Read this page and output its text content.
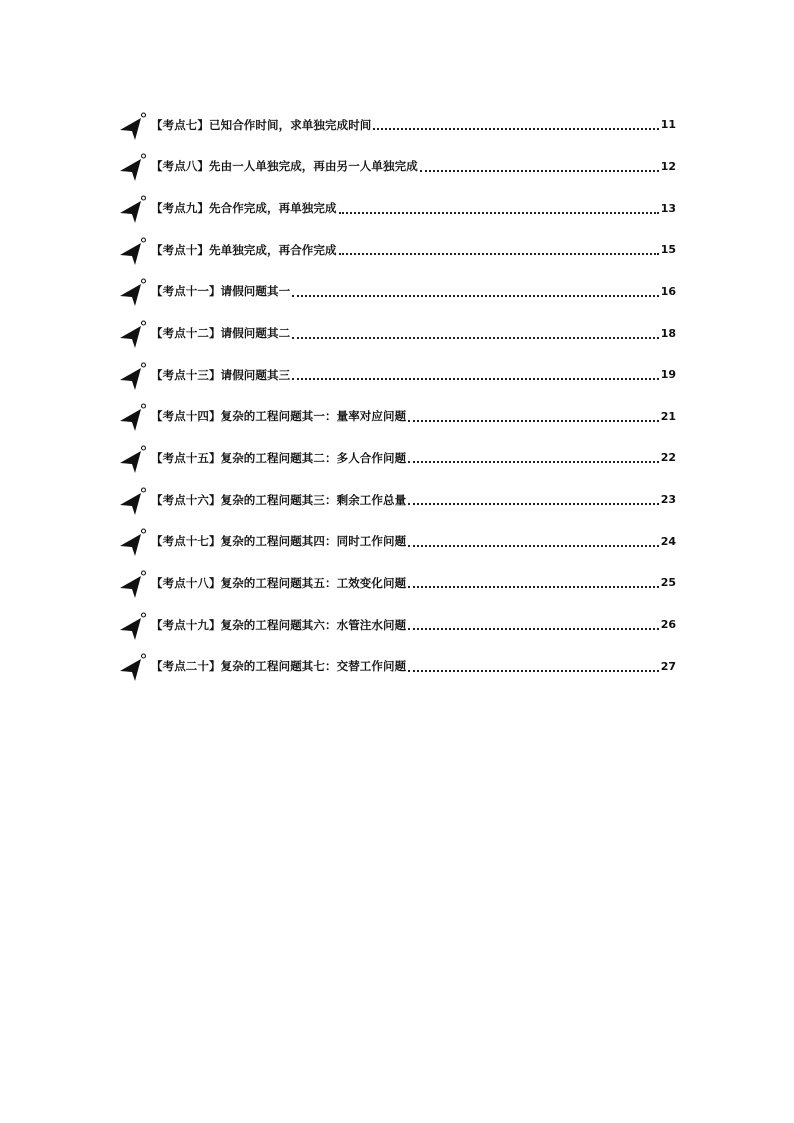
【考点七】已知合作时间，求单独完成时间	11
【考点八】先由一人单独完成，再由另一人单独完成	12
【考点九】先合作完成，再单独完成	13
【考点十】先单独完成，再合作完成	15
【考点十一】请假问题其一	16
【考点十二】请假问题其二	18
【考点十三】请假问题其三	19
【考点十四】复杂的工程问题其一：量率对应问题	21
【考点十五】复杂的工程问题其二：多人合作问题	22
【考点十六】复杂的工程问题其三：剩余工作总量	23
【考点十七】复杂的工程问题其四：同时工作问题	24
【考点十八】复杂的工程问题其五：工效变化问题	25
【考点十九】复杂的工程问题其六：水管注水问题	26
【考点二十】复杂的工程问题其七：交替工作问题	27
